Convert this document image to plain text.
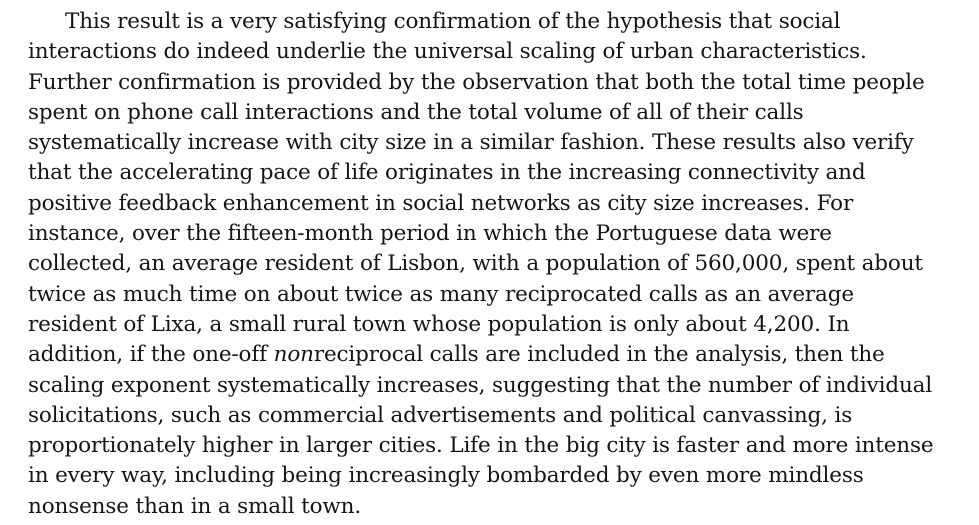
This result is a very satisfying confirmation of the hypothesis that social
interactions do indeed underlie the universal scaling of urban characteristics.
Further confirmation is provided by the observation that both the total time people
spent on phone call interactions and the total volume of all of their calls
systematically increase with city size in a similar fashion. These results also verify
that the accelerating pace of life originates in the increasing connectivity and
positive feedback enhancement in social networks as city size increases. For
instance, over the fifteen-month period in which the Portuguese data were
collected, an average resident of Lisbon, with a population of 560,000, spent about
twice as much time on about twice as many reciprocated calls as an average
resident of Lixa, a small rural town whose population is only about 4,200. In
addition, if the one-off nonreciprocal calls are included in the analysis, then the
scaling exponent systematically increases, suggesting that the number of individual
solicitations, such as commercial advertisements and political canvassing, is
proportionately higher in larger cities. Life in the big city is faster and more intense
in every way, including being increasingly bombarded by even more mindless
nonsense than in a small town.
